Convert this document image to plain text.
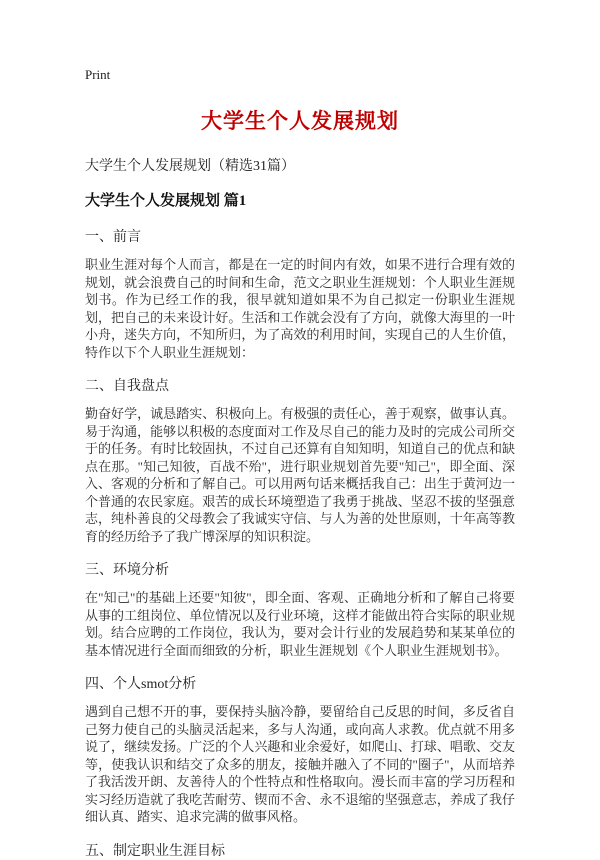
Print
大学生个人发展规划
大学生个人发展规划（精选31篇）
大学生个人发展规划 篇1
一、前言

职业生涯对每个人而言，都是在一定的时间内有效，如果不进行合理有效的规划，就会浪费自己的时间和生命，范文之职业生涯规划：个人职业生涯规划书。作为已经工作的我，很早就知道如果不为自己拟定一份职业生涯规划，把自己的未来设计好。生活和工作就会没有了方向，就像大海里的一叶小舟，迷失方向，不知所归，为了高效的利用时间，实现自己的人生价值，特作以下个人职业生涯规划：

二、自我盘点

勤奋好学，诚恳踏实、积极向上。有极强的责任心，善于观察，做事认真。易于沟通，能够以积极的态度面对工作及尽自己的能力及时的完成公司所交于的任务。有时比较固执，不过自己还算有自知知明，知道自己的优点和缺点在那。"知己知彼，百战不殆"，进行职业规划首先要"知己"，即全面、深入、客观的分析和了解自己。可以用两句话来概括我自己：出生于黄河边一个普通的农民家庭。艰苦的成长环境塑造了我勇于挑战、坚忍不拔的坚强意志，纯朴善良的父母教会了我诚实守信、与人为善的处世原则，十年高等教育的经历给予了我广博深厚的知识积淀。

三、环境分析

在"知己"的基础上还要"知彼"，即全面、客观、正确地分析和了解自己将要从事的工组岗位、单位情况以及行业环境，这样才能做出符合实际的职业规划。结合应聘的工作岗位，我认为，要对会计行业的发展趋势和某某单位的基本情况进行全面而细致的分析，职业生涯规划《个人职业生涯规划书》。

四、个人smot分析

遇到自己想不开的事，要保持头脑冷静，要留给自己反思的时间，多反省自己努力使自己的头脑灵活起来，多与人沟通，或向高人求教。优点就不用多说了，继续发扬。广泛的个人兴趣和业余爱好，如爬山、打球、唱歌、交友等，使我认识和结交了众多的朋友，接触并融入了不同的"圈子"，从而培养了我活泼开朗、友善待人的个性特点和性格取向。漫长而丰富的学习历程和实习经历造就了我吃苦耐劳、锲而不舍、永不退缩的坚强意志，养成了我仔细认真、踏实、追求完满的做事风格。

五、制定职业生涯目标
